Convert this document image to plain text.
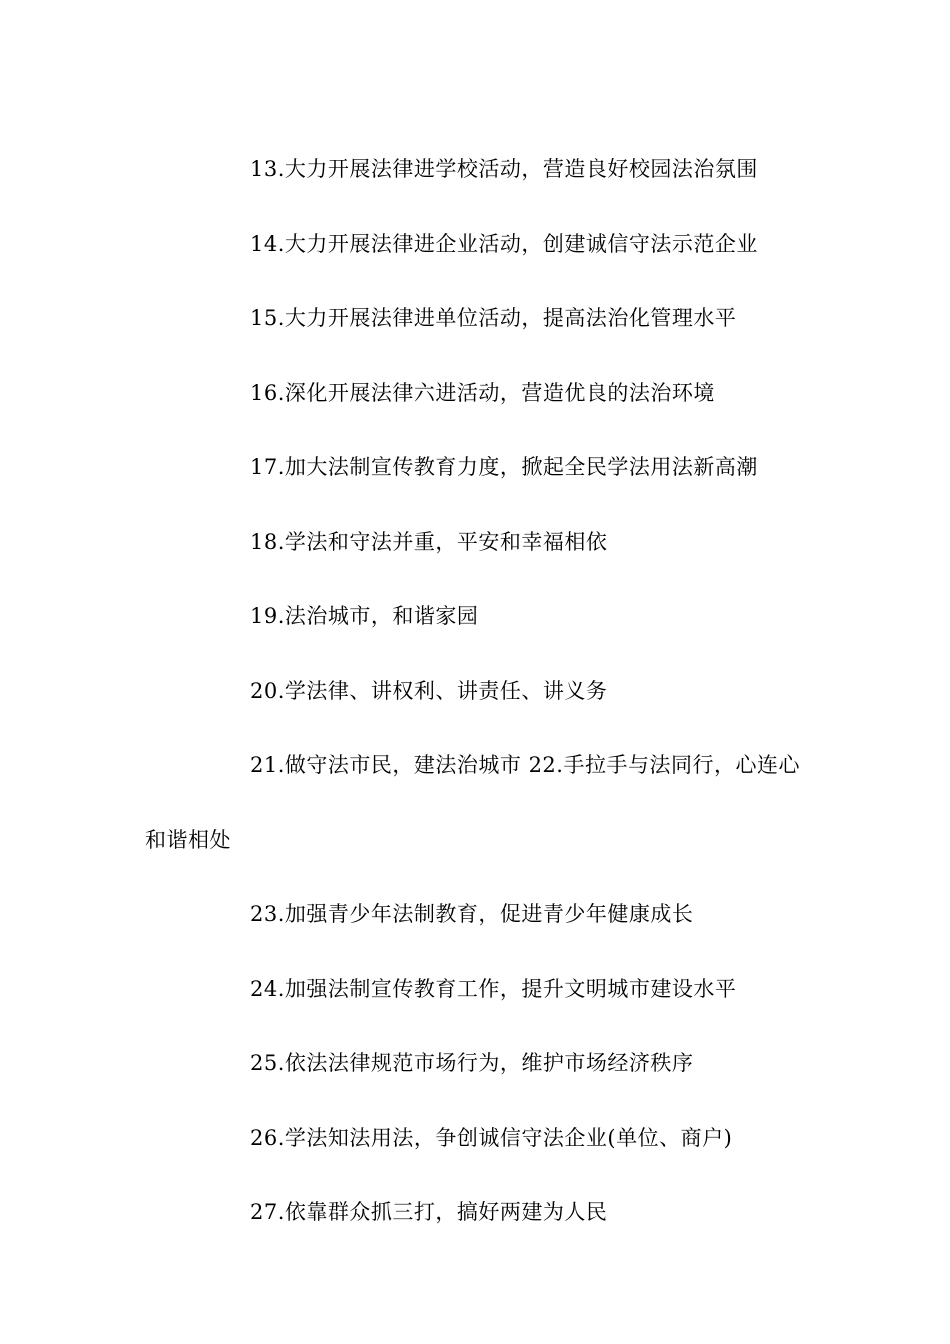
13.大力开展法律进学校活动，营造良好校园法治氛围

14.大力开展法律进企业活动，创建诚信守法示范企业

15.大力开展法律进单位活动，提高法治化管理水平

16.深化开展法律六进活动，营造优良的法治环境

17.加大法制宣传教育力度，掀起全民学法用法新高潮

18.学法和守法并重，平安和幸福相依

19.法治城市，和谐家园

20.学法律、讲权利、讲责任、讲义务

21.做守法市民，建法治城市 22.手拉手与法同行，心连心和谐相处

23.加强青少年法制教育，促进青少年健康成长

24.加强法制宣传教育工作，提升文明城市建设水平

25.依法法律规范市场行为，维护市场经济秩序

26.学法知法用法，争创诚信守法企业(单位、商户)

27.依靠群众抓三打，搞好两建为人民
